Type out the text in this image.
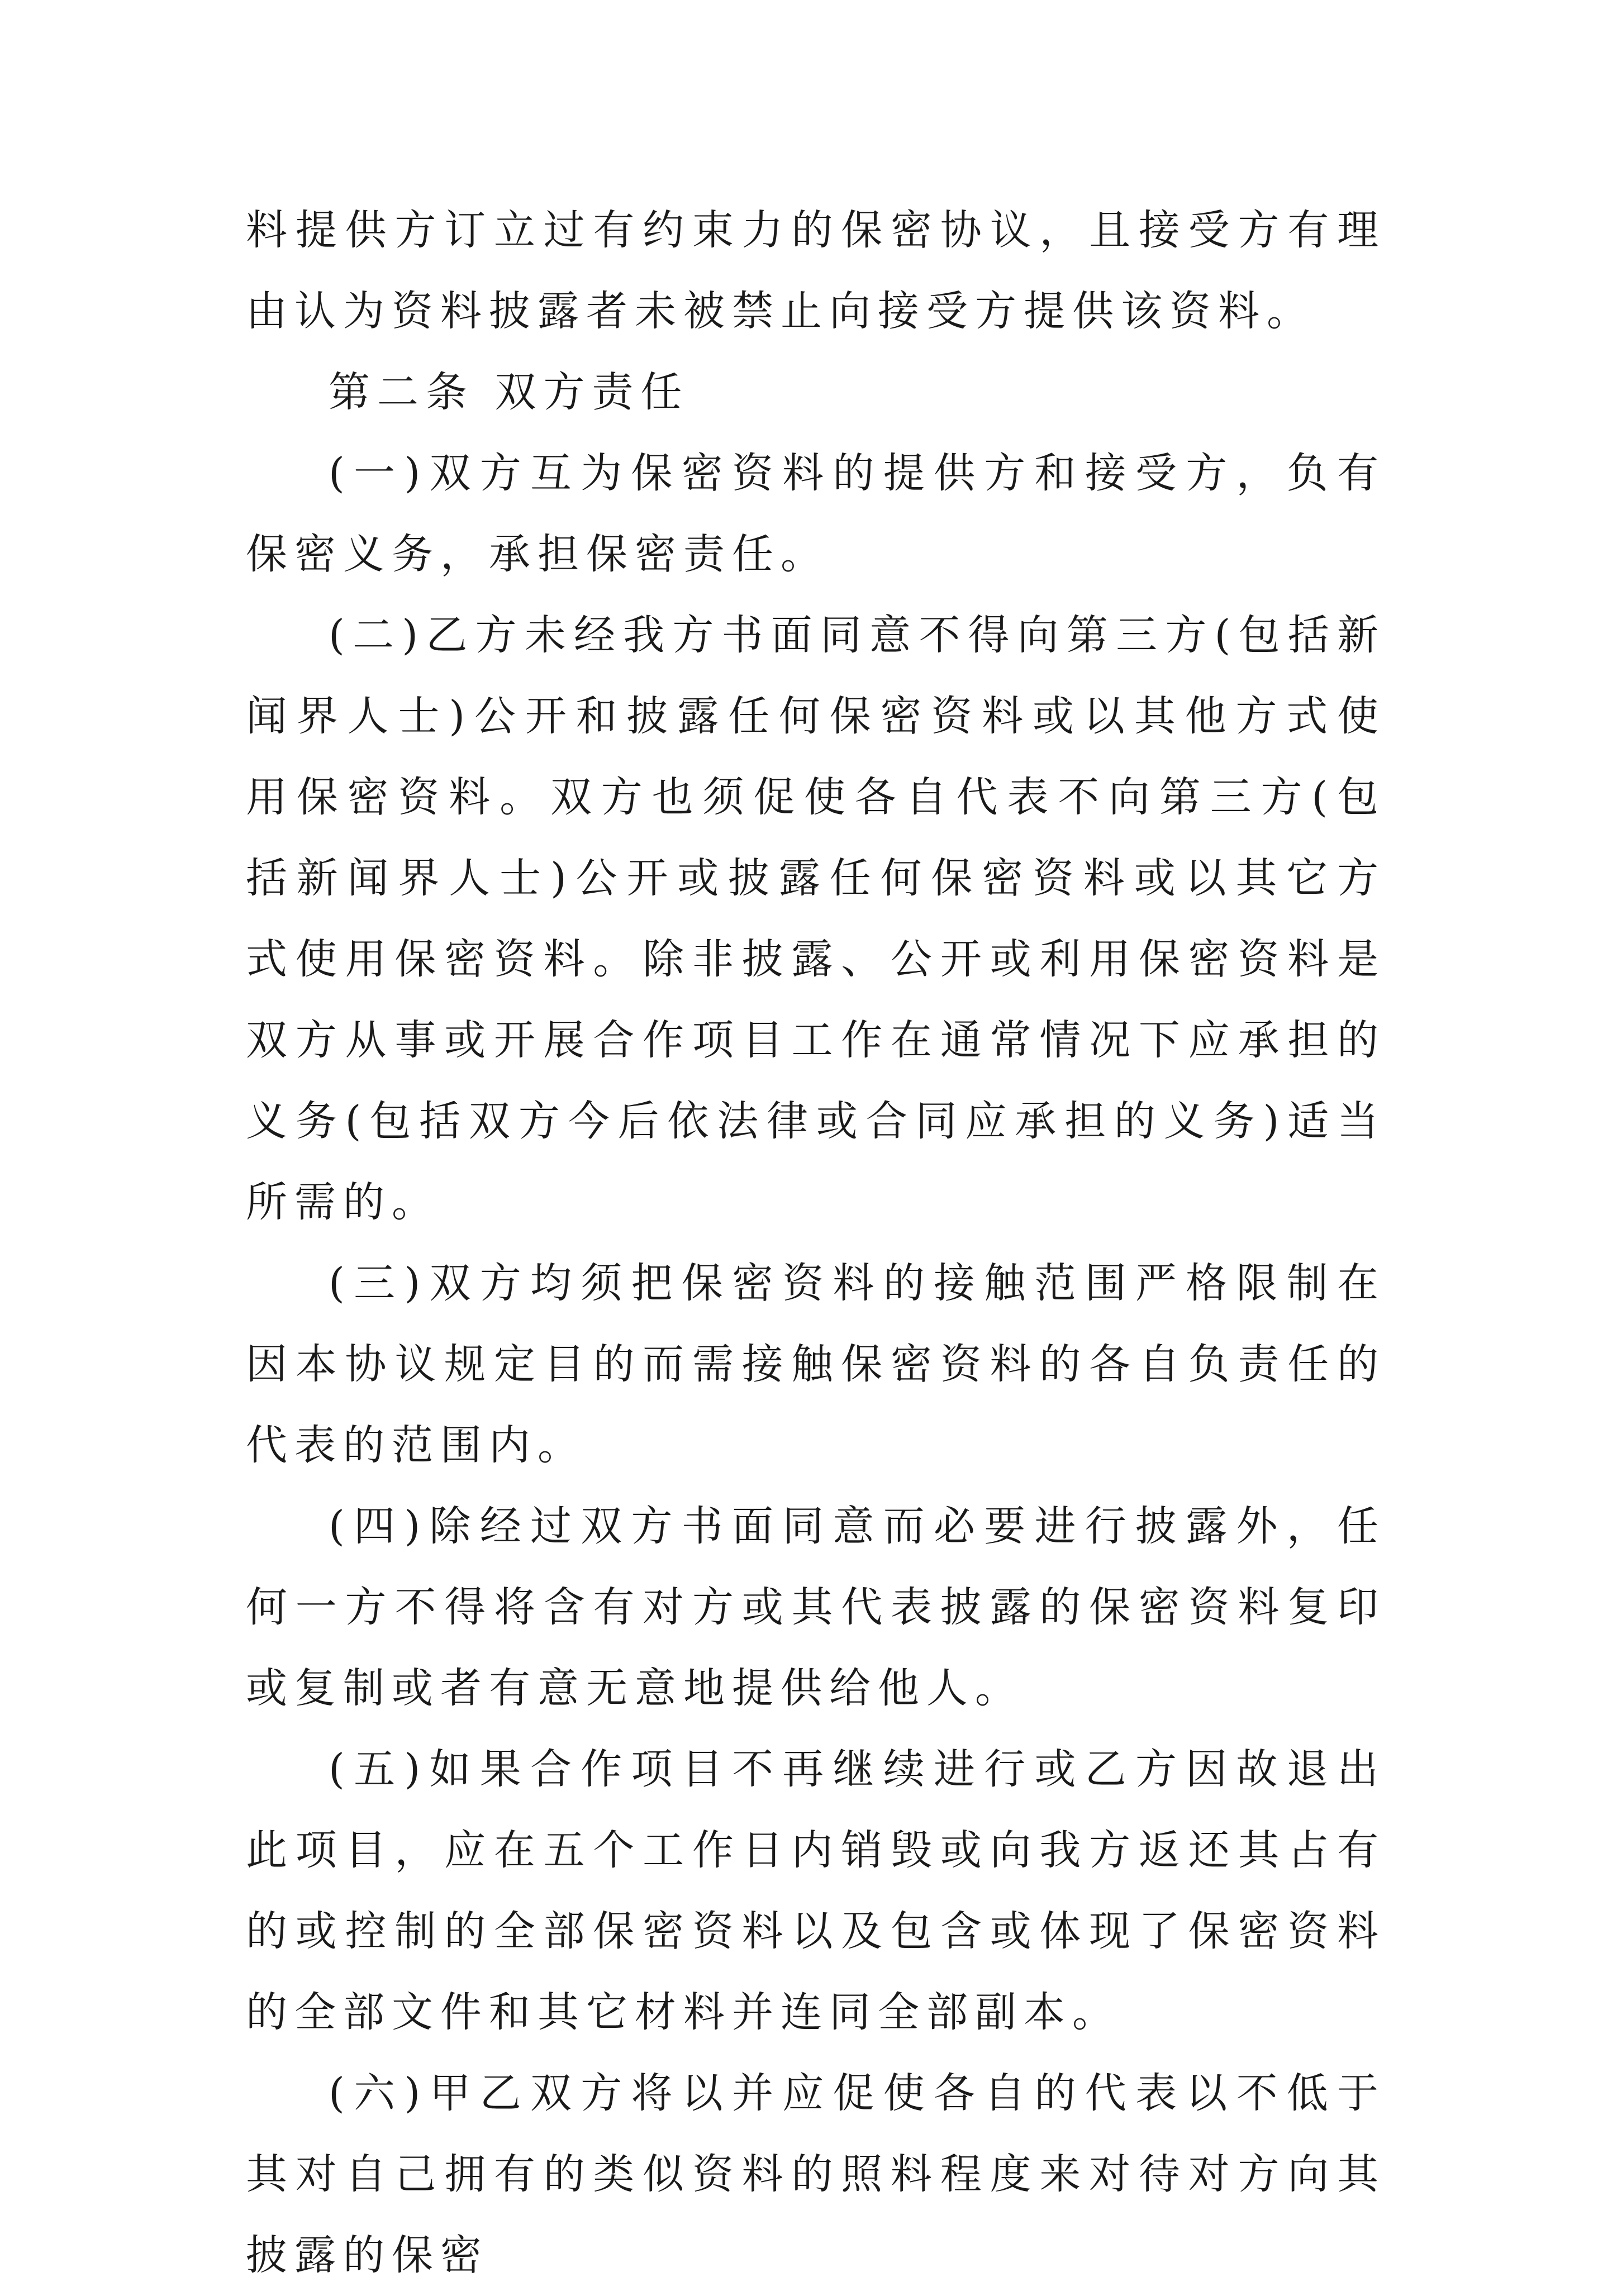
料提供方订立过有约束力的保密协议，且接受方有理由认为资料披露者未被禁止向接受方提供该资料。

第二条 双方责任

(一)双方互为保密资料的提供方和接受方，负有保密义务，承担保密责任。

(二)乙方未经我方书面同意不得向第三方(包括新闻界人士)公开和披露任何保密资料或以其他方式使用保密资料。双方也须促使各自代表不向第三方(包括新闻界人士)公开或披露任何保密资料或以其它方式使用保密资料。除非披露、公开或利用保密资料是双方从事或开展合作项目工作在通常情况下应承担的义务(包括双方今后依法律或合同应承担的义务)适当所需的。

(三)双方均须把保密资料的接触范围严格限制在因本协议规定目的而需接触保密资料的各自负责任的代表的范围内。

(四)除经过双方书面同意而必要进行披露外，任何一方不得将含有对方或其代表披露的保密资料复印或复制或者有意无意地提供给他人。

(五)如果合作项目不再继续进行或乙方因故退出此项目，应在五个工作日内销毁或向我方返还其占有的或控制的全部保密资料以及包含或体现了保密资料的全部文件和其它材料并连同全部副本。

(六)甲乙双方将以并应促使各自的代表以不低于其对自己拥有的类似资料的照料程度来对待对方向其披露的保密
